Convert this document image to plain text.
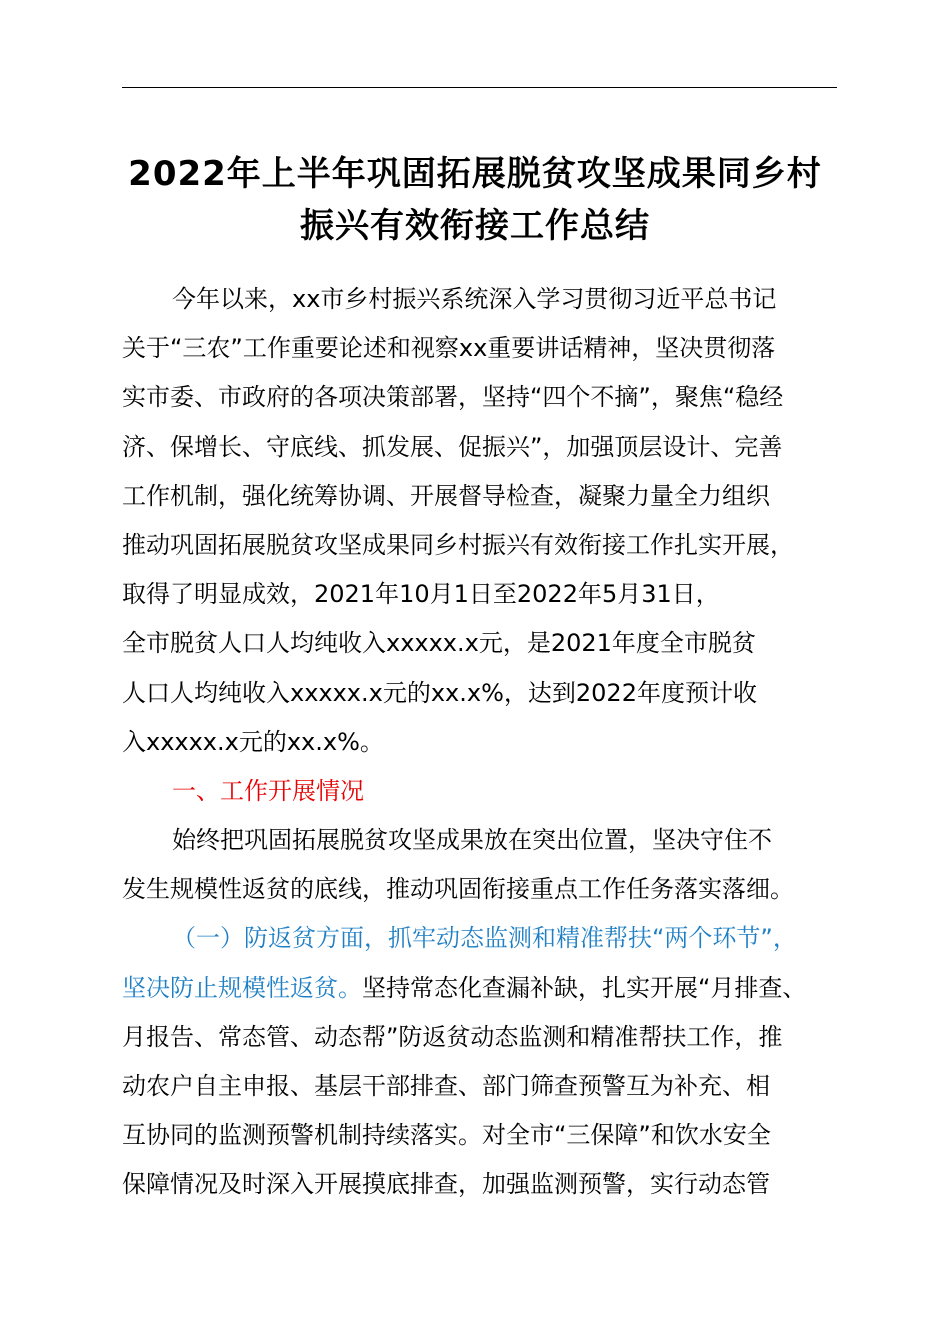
2022年上半年巩固拓展脱贫攻坚成果同乡村
振兴有效衔接工作总结
今年以来，xx市乡村振兴系统深入学习贯彻习近平总书记
关于“三农”工作重要论述和视察xx重要讲话精神，坚决贯彻落
实市委、市政府的各项决策部署，坚持“四个不摘”，聚焦“稳经
济、保增长、守底线、抓发展、促振兴”，加强顶层设计、完善
工作机制，强化统筹协调、开展督导检查，凝聚力量全力组织
推动巩固拓展脱贫攻坚成果同乡村振兴有效衔接工作扎实开展，
取得了明显成效，2021年10月1日至2022年5月31日，
全市脱贫人口人均纯收入xxxxx.x元，是2021年度全市脱贫
人口人均纯收入xxxxx.x元的xx.x%，达到2022年度预计收
入xxxxx.x元的xx.x%。
一、工作开展情况
始终把巩固拓展脱贫攻坚成果放在突出位置，坚决守住不
发生规模性返贫的底线，推动巩固衔接重点工作任务落实落细。
（一）防返贫方面，抓牢动态监测和精准帮扶“两个环节”，
坚决防止规模性返贫。坚持常态化查漏补缺，扎实开展“月排查、
月报告、常态管、动态帮”防返贫动态监测和精准帮扶工作，推
动农户自主申报、基层干部排查、部门筛查预警互为补充、相
互协同的监测预警机制持续落实。对全市“三保障”和饮水安全
保障情况及时深入开展摸底排查，加强监测预警，实行动态管
